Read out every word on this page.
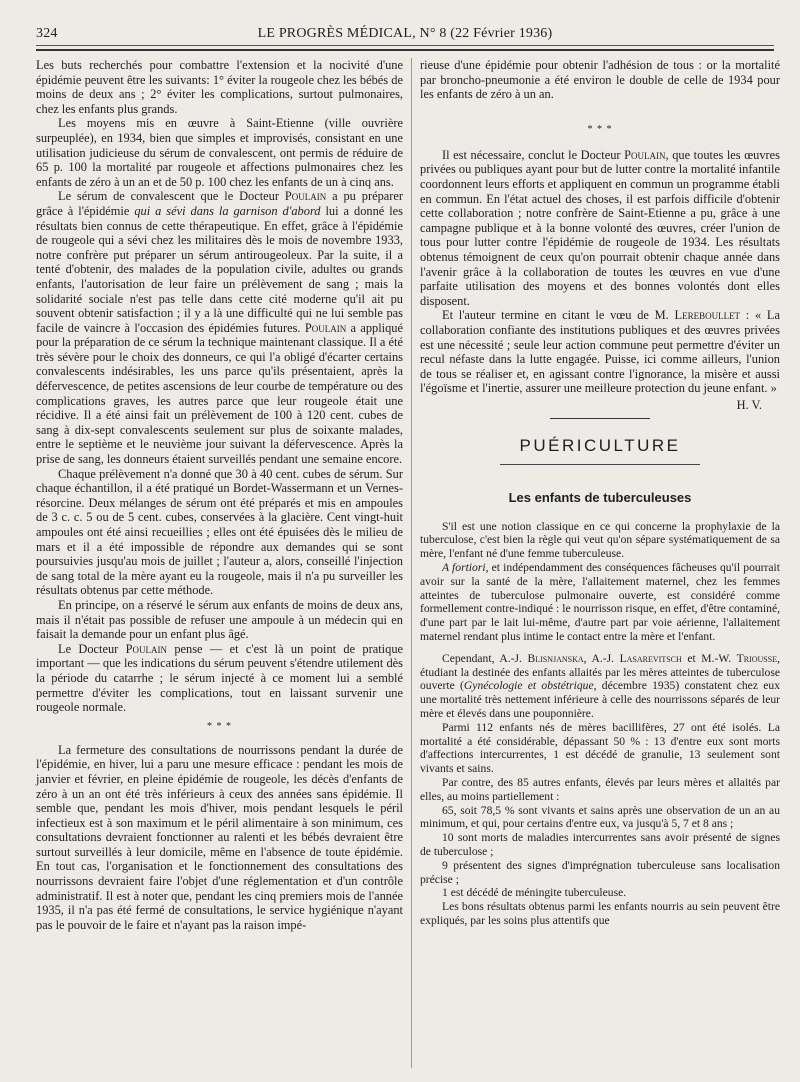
324	LE PROGRÈS MÉDICAL, N° 8 (22 Février 1936)

Les buts recherchés pour combattre l'extension et la nocivité d'une épidémie peuvent être les suivants: 1° éviter la rougeole chez les bébés de moins de deux ans ; 2° éviter les complications, surtout pulmonaires, chez les enfants plus grands.

Les moyens mis en œuvre à Saint-Etienne (ville ouvrière surpeuplée), en 1934, bien que simples et improvisés, consistant en une utilisation judicieuse du sérum de convalescent, ont permis de réduire de 65 p. 100 la mortalité par rougeole et affections pulmonaires chez les enfants de zéro à un an et de 50 p. 100 chez les enfants de un à cinq ans.

Le sérum de convalescent que le Docteur Poulain a pu préparer grâce à l'épidémie qui a sévi dans la garnison d'abord lui a donné les résultats bien connus de cette thérapeutique. En effet, grâce à l'épidémie de rougeole qui a sévi chez les militaires dès le mois de novembre 1933, notre confrère put préparer un sérum antirougeoleux. Par la suite, il a tenté d'obtenir, des malades de la population civile, adultes ou grands enfants, l'autorisation de leur faire un prélèvement de sang ; mais la solidarité sociale n'est pas telle dans cette cité moderne qu'il ait pu souvent obtenir satisfaction ; il y a là une difficulté qui ne lui semble pas facile de vaincre à l'occasion des épidémies futures. Poulain a appliqué pour la préparation de ce sérum la technique maintenant classique. Il a été très sévère pour le choix des donneurs, ce qui l'a obligé d'écarter certains convalescents indésirables, les uns parce qu'ils présentaient, après la défervescence, de petites ascensions de leur courbe de température ou des complications graves, les autres parce que leur rougeole était une récidive. Il a été ainsi fait un prélèvement de 100 à 120 cent. cubes de sang à dix-sept convalescents seulement sur plus de soixante malades, entre le septième et le neuvième jour suivant la défervescence. Après la prise de sang, les donneurs étaient surveillés pendant une semaine encore.

Chaque prélèvement n'a donné que 30 à 40 cent. cubes de sérum. Sur chaque échantillon, il a été pratiqué un Bordet-Wassermann et un Vernes-résorcine. Deux mélanges de sérum ont été préparés et mis en ampoules de 3 c. c. 5 ou de 5 cent. cubes, conservées à la glacière. Cent vingt-huit ampoules ont été ainsi recueillies ; elles ont été épuisées dès le milieu de mars et il a été impossible de répondre aux demandes qui se sont poursuivies jusqu'au mois de juillet ; l'auteur a, alors, conseillé l'injection de sang total de la mère ayant eu la rougeole, mais il n'a pu surveiller les résultats obtenus par cette méthode.

En principe, on a réservé le sérum aux enfants de moins de deux ans, mais il n'était pas possible de refuser une ampoule à un médecin qui en faisait la demande pour un enfant plus âgé.

Le Docteur Poulain pense — et c'est là un point de pratique important — que les indications du sérum peuvent s'étendre utilement dès la période du catarrhe ; le sérum injecté à ce moment lui a semblé permettre d'éviter les complications, tout en laissant survenir une rougeole normale.

* * *

La fermeture des consultations de nourrissons pendant la durée de l'épidémie, en hiver, lui a paru une mesure efficace : pendant les mois de janvier et février, en pleine épidémie de rougeole, les décès d'enfants de zéro à un an ont été très inférieurs à ceux des années sans épidémie. Il semble que, pendant les mois d'hiver, mois pendant lesquels le péril infectieux est à son maximum et le péril alimentaire à son minimum, ces consultations devraient fonctionner au ralenti et les bébés devraient être surtout surveillés à leur domicile, même en l'absence de toute épidémie. En tout cas, l'organisation et le fonctionnement des consultations des nourrissons devraient faire l'objet d'une réglementation et d'un contrôle administratif. Il est à noter que, pendant les cinq premiers mois de l'année 1935, il n'a pas été fermé de consultations, le service hygiénique n'ayant pas le pouvoir de le faire et n'ayant pas la raison impé-

rieuse d'une épidémie pour obtenir l'adhésion de tous : or la mortalité par broncho-pneumonie a été environ le double de celle de 1934 pour les enfants de zéro à un an.

* * *

Il est nécessaire, conclut le Docteur Poulain, que toutes les œuvres privées ou publiques ayant pour but de lutter contre la mortalité infantile coordonnent leurs efforts et appliquent en commun un programme établi en commun. En l'état actuel des choses, il est parfois difficile d'obtenir cette collaboration ; notre confrère de Saint-Etienne a pu, grâce à une campagne publique et à la bonne volonté des œuvres, créer l'union de tous pour lutter contre l'épidémie de rougeole de 1934. Les résultats obtenus témoignent de ceux qu'on pourrait obtenir chaque année dans l'avenir grâce à la collaboration de toutes les œuvres en vue d'une parfaite utilisation des moyens et des bonnes volontés dont elles disposent.

Et l'auteur termine en citant le vœu de M. Lereboullet : « La collaboration confiante des institutions publiques et des œuvres privées est une nécessité ; seule leur action commune peut permettre d'éviter un recul néfaste dans la lutte engagée. Puisse, ici comme ailleurs, l'union de tous se réaliser et, en agissant contre l'ignorance, la misère et aussi l'égoïsme et l'inertie, assurer une meilleure protection du jeune enfant. »

H. V.
PUÉRICULTURE
Les enfants de tuberculeuses

S'il est une notion classique en ce qui concerne la prophylaxie de la tuberculose, c'est bien la règle qui veut qu'on sépare systématiquement de sa mère, l'enfant né d'une femme tuberculeuse.

A fortiori, et indépendamment des conséquences fâcheuses qu'il pourrait avoir sur la santé de la mère, l'allaitement maternel, chez les femmes atteintes de tuberculose pulmonaire ouverte, est considéré comme formellement contre-indiqué : le nourrisson risque, en effet, d'être contaminé, d'une part par le lait lui-même, d'autre part par voie aérienne, l'allaitement maternel rendant plus intime le contact entre la mère et l'enfant.

Cependant, A.-J. Blisnjanska, A.-J. Lasarevitsch et M.-W. Triousse, étudiant la destinée des enfants allaités par les mères atteintes de tuberculose ouverte (Gynécologie et obstétrique, décembre 1935) constatent chez eux une mortalité très nettement inférieure à celle des nourrissons séparés de leur mère et élevés dans une pouponnière.

Parmi 112 enfants nés de mères bacillifères, 27 ont été isolés. La mortalité a été considérable, dépassant 50 % : 13 d'entre eux sont morts d'affections intercurrentes, 1 est décédé de granulie, 13 seulement sont vivants et sains.

Par contre, des 85 autres enfants, élevés par leurs mères et allaités par elles, au moins partiellement :

65, soit 78,5 % sont vivants et sains après une observation de un an au minimum, et qui, pour certains d'entre eux, va jusqu'à 5, 7 et 8 ans ;

10 sont morts de maladies intercurrentes sans avoir présenté de signes de tuberculose ;

9 présentent des signes d'imprégnation tuberculeuse sans localisation précise ;

1 est décédé de méningite tuberculeuse.

Les bons résultats obtenus parmi les enfants nourris au sein peuvent être expliqués, par les soins plus attentifs que
